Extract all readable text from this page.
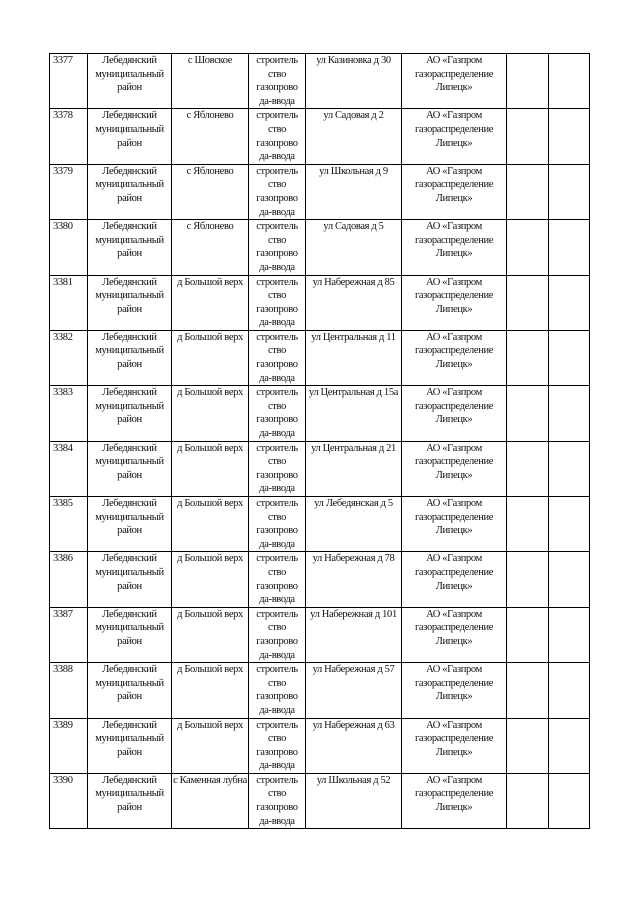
3377	Лебедянский муниципальный район	с Шовское	строитель ство газопрово да-ввода	ул Казиновка д 30	АО «Газпром газораспределение Липецк»		
3378	Лебедянский муниципальный район	с Яблонево	строитель ство газопрово да-ввода	ул Садовая д 2	АО «Газпром газораспределение Липецк»		
3379	Лебедянский муниципальный район	с Яблонево	строитель ство газопрово да-ввода	ул Школьная д 9	АО «Газпром газораспределение Липецк»		
3380	Лебедянский муниципальный район	с Яблонево	строитель ство газопрово да-ввода	ул Садовая д 5	АО «Газпром газораспределение Липецк»		
3381	Лебедянский муниципальный район	д Большой верх	строитель ство газопрово да-ввода	ул Набережная д 85	АО «Газпром газораспределение Липецк»		
3382	Лебедянский муниципальный район	д Большой верх	строитель ство газопрово да-ввода	ул Центральная д 11	АО «Газпром газораспределение Липецк»		
3383	Лебедянский муниципальный район	д Большой верх	строитель ство газопрово да-ввода	ул Центральная д 15а	АО «Газпром газораспределение Липецк»		
3384	Лебедянский муниципальный район	д Большой верх	строитель ство газопрово да-ввода	ул Центральная д 21	АО «Газпром газораспределение Липецк»		
3385	Лебедянский муниципальный район	д Большой верх	строитель ство газопрово да-ввода	ул Лебедянская д 5	АО «Газпром газораспределение Липецк»		
3386	Лебедянский муниципальный район	д Большой верх	строитель ство газопрово да-ввода	ул Набережная д 78	АО «Газпром газораспределение Липецк»		
3387	Лебедянский муниципальный район	д Большой верх	строитель ство газопрово да-ввода	ул Набережная д 101	АО «Газпром газораспределение Липецк»		
3388	Лебедянский муниципальный район	д Большой верх	строитель ство газопрово да-ввода	ул Набережная д 57	АО «Газпром газораспределение Липецк»		
3389	Лебедянский муниципальный район	д Большой верх	строитель ство газопрово да-ввода	ул Набережная д 63	АО «Газпром газораспределение Липецк»		
3390	Лебедянский муниципальный район	с Каменная лубна	строитель ство газопрово да-ввода	ул Школьная д 52	АО «Газпром газораспределение Липецк»		
